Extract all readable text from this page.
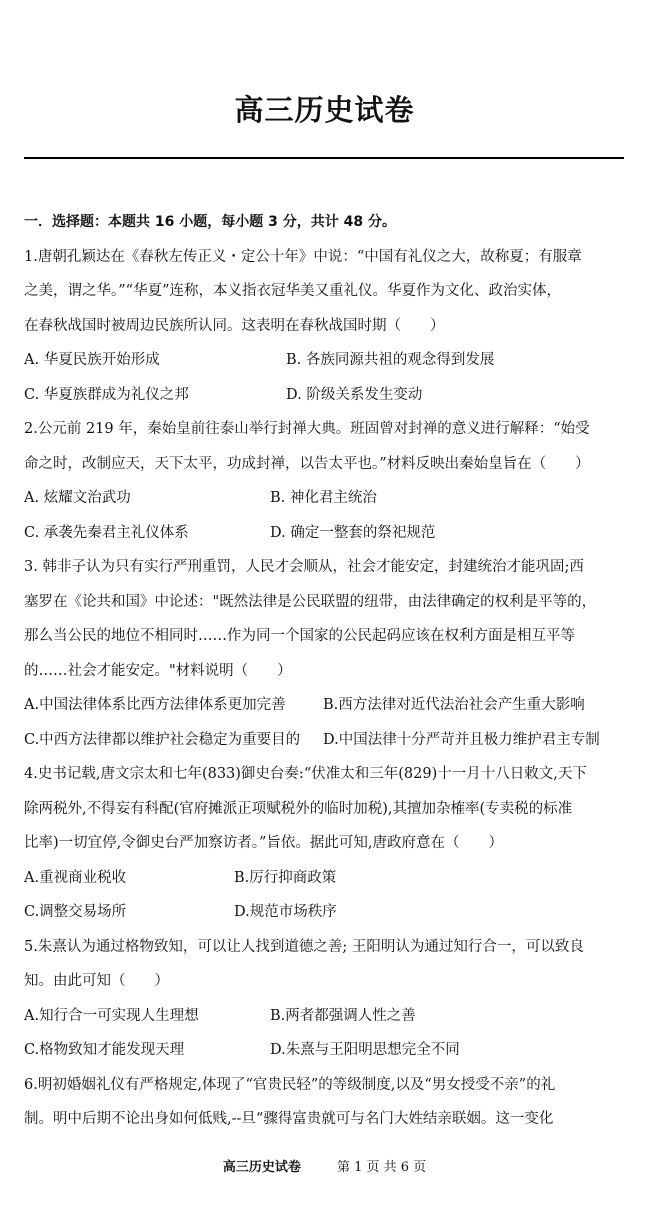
高三历史试卷
一．选择题：本题共 16 小题，每小题 3 分，共计 48 分。
1.唐朝孔颖达在《春秋左传正义・定公十年》中说：“中国有礼仪之大，故称夏；有服章
之美，谓之华。”“华夏”连称，本义指衣冠华美又重礼仪。华夏作为文化、政治实体，
在春秋战国时被周边民族所认同。这表明在春秋战国时期（　　）
A. 华夏民族开始形成	B. 各族同源共祖的观念得到发展
C. 华夏族群成为礼仪之邦	D. 阶级关系发生变动
2.公元前 219 年，秦始皇前往泰山举行封禅大典。班固曾对封禅的意义进行解释：“始受
命之时，改制应天，天下太平，功成封禅，以告太平也。”材料反映出秦始皇旨在（　　）
A. 炫耀文治武功	B. 神化君主统治
C. 承袭先秦君主礼仪体系	D. 确定一整套的祭祀规范
3. 韩非子认为只有实行严刑重罚，人民才会顺从，社会才能安定，封建统治才能巩固;西
塞罗在《论共和国》中论述："既然法律是公民联盟的纽带，由法律确定的权利是平等的，
那么当公民的地位不相同时……作为同一个国家的公民起码应该在权利方面是相互平等
的……社会才能安定。"材料说明（　　）
A.中国法律体系比西方法律体系更加完善	B.西方法律对近代法治社会产生重大影响
C.中西方法律都以维护社会稳定为重要目的	D.中国法律十分严苛并且极力维护君主专制
4.史书记载,唐文宗太和七年(833)御史台奏:“伏准太和三年(829)十一月十八日敕文,天下
除两税外,不得妄有科配(官府摊派正项赋税外的临时加税),其擅加杂榷率(专卖税的标准
比率)一切宜停,令御史台严加察访者。”旨依。据此可知,唐政府意在（　　）
A.重视商业税收	B.厉行抑商政策
C.调整交易场所	D.规范市场秩序
5.朱熹认为通过格物致知，可以让人找到道德之善; 王阳明认为通过知行合一，可以致良
知。由此可知（　　）
A.知行合一可实现人生理想	B.两者都强调人性之善
C.格物致知才能发现天理	D.朱熹与王阳明思想完全不同
6.明初婚姻礼仪有严格规定,体现了“官贵民轻”的等级制度,以及“男女授受不亲”的礼
制。明中后期不论出身如何低贱,--旦“骤得富贵就可与名门大姓结亲联姻。这一变化
高三历史试卷	第 1 页 共 6 页
